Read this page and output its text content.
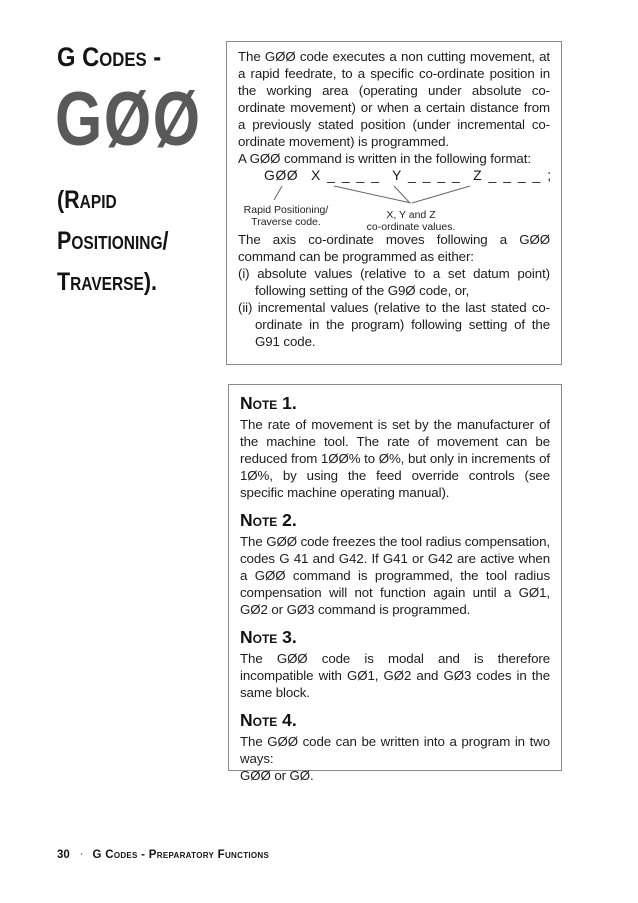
G Codes -
GØØ
(Rapid
Positioning/
Traverse).

The GØØ code executes a non cutting movement, at a rapid feedrate, to a specific co-ordinate position in the working area (operating under absolute co-ordinate movement) or when a certain distance from a previously stated position (under incremental co-ordinate movement) is programmed.

A GØØ command is written in the following format:

GØØ  X _ _ _ _  Y _ _ _ _  Z _ _ _ _ ;
Rapid Positioning/
Traverse code.
X, Y and Z
co-ordinate values.

The axis co-ordinate moves following a GØØ command can be programmed as either:

(i) absolute values (relative to a set datum point) following setting of the G9Ø code, or,
(ii) incremental values (relative to the last stated co-ordinate in the program) following setting of the G91 code.
Note 1.

The rate of movement is set by the manufacturer of the machine tool. The rate of movement can be reduced from 1ØØ% to Ø%, but only in increments of 1Ø%, by using the feed override controls (see specific machine operating manual).

Note 2.

The GØØ code freezes the tool radius compensation, codes G 41 and G42. If G41 or G42 are active when a GØØ command is programmed, the tool radius compensation will not function again until a GØ1, GØ2 or GØ3 command is programmed.

Note 3.

The GØØ code is modal and is therefore incompatible with GØ1, GØ2 and GØ3 codes in the same block.

Note 4.

The GØØ code can be written into a program in two ways:

GØØ or GØ.

30 · G Codes - Preparatory Functions
